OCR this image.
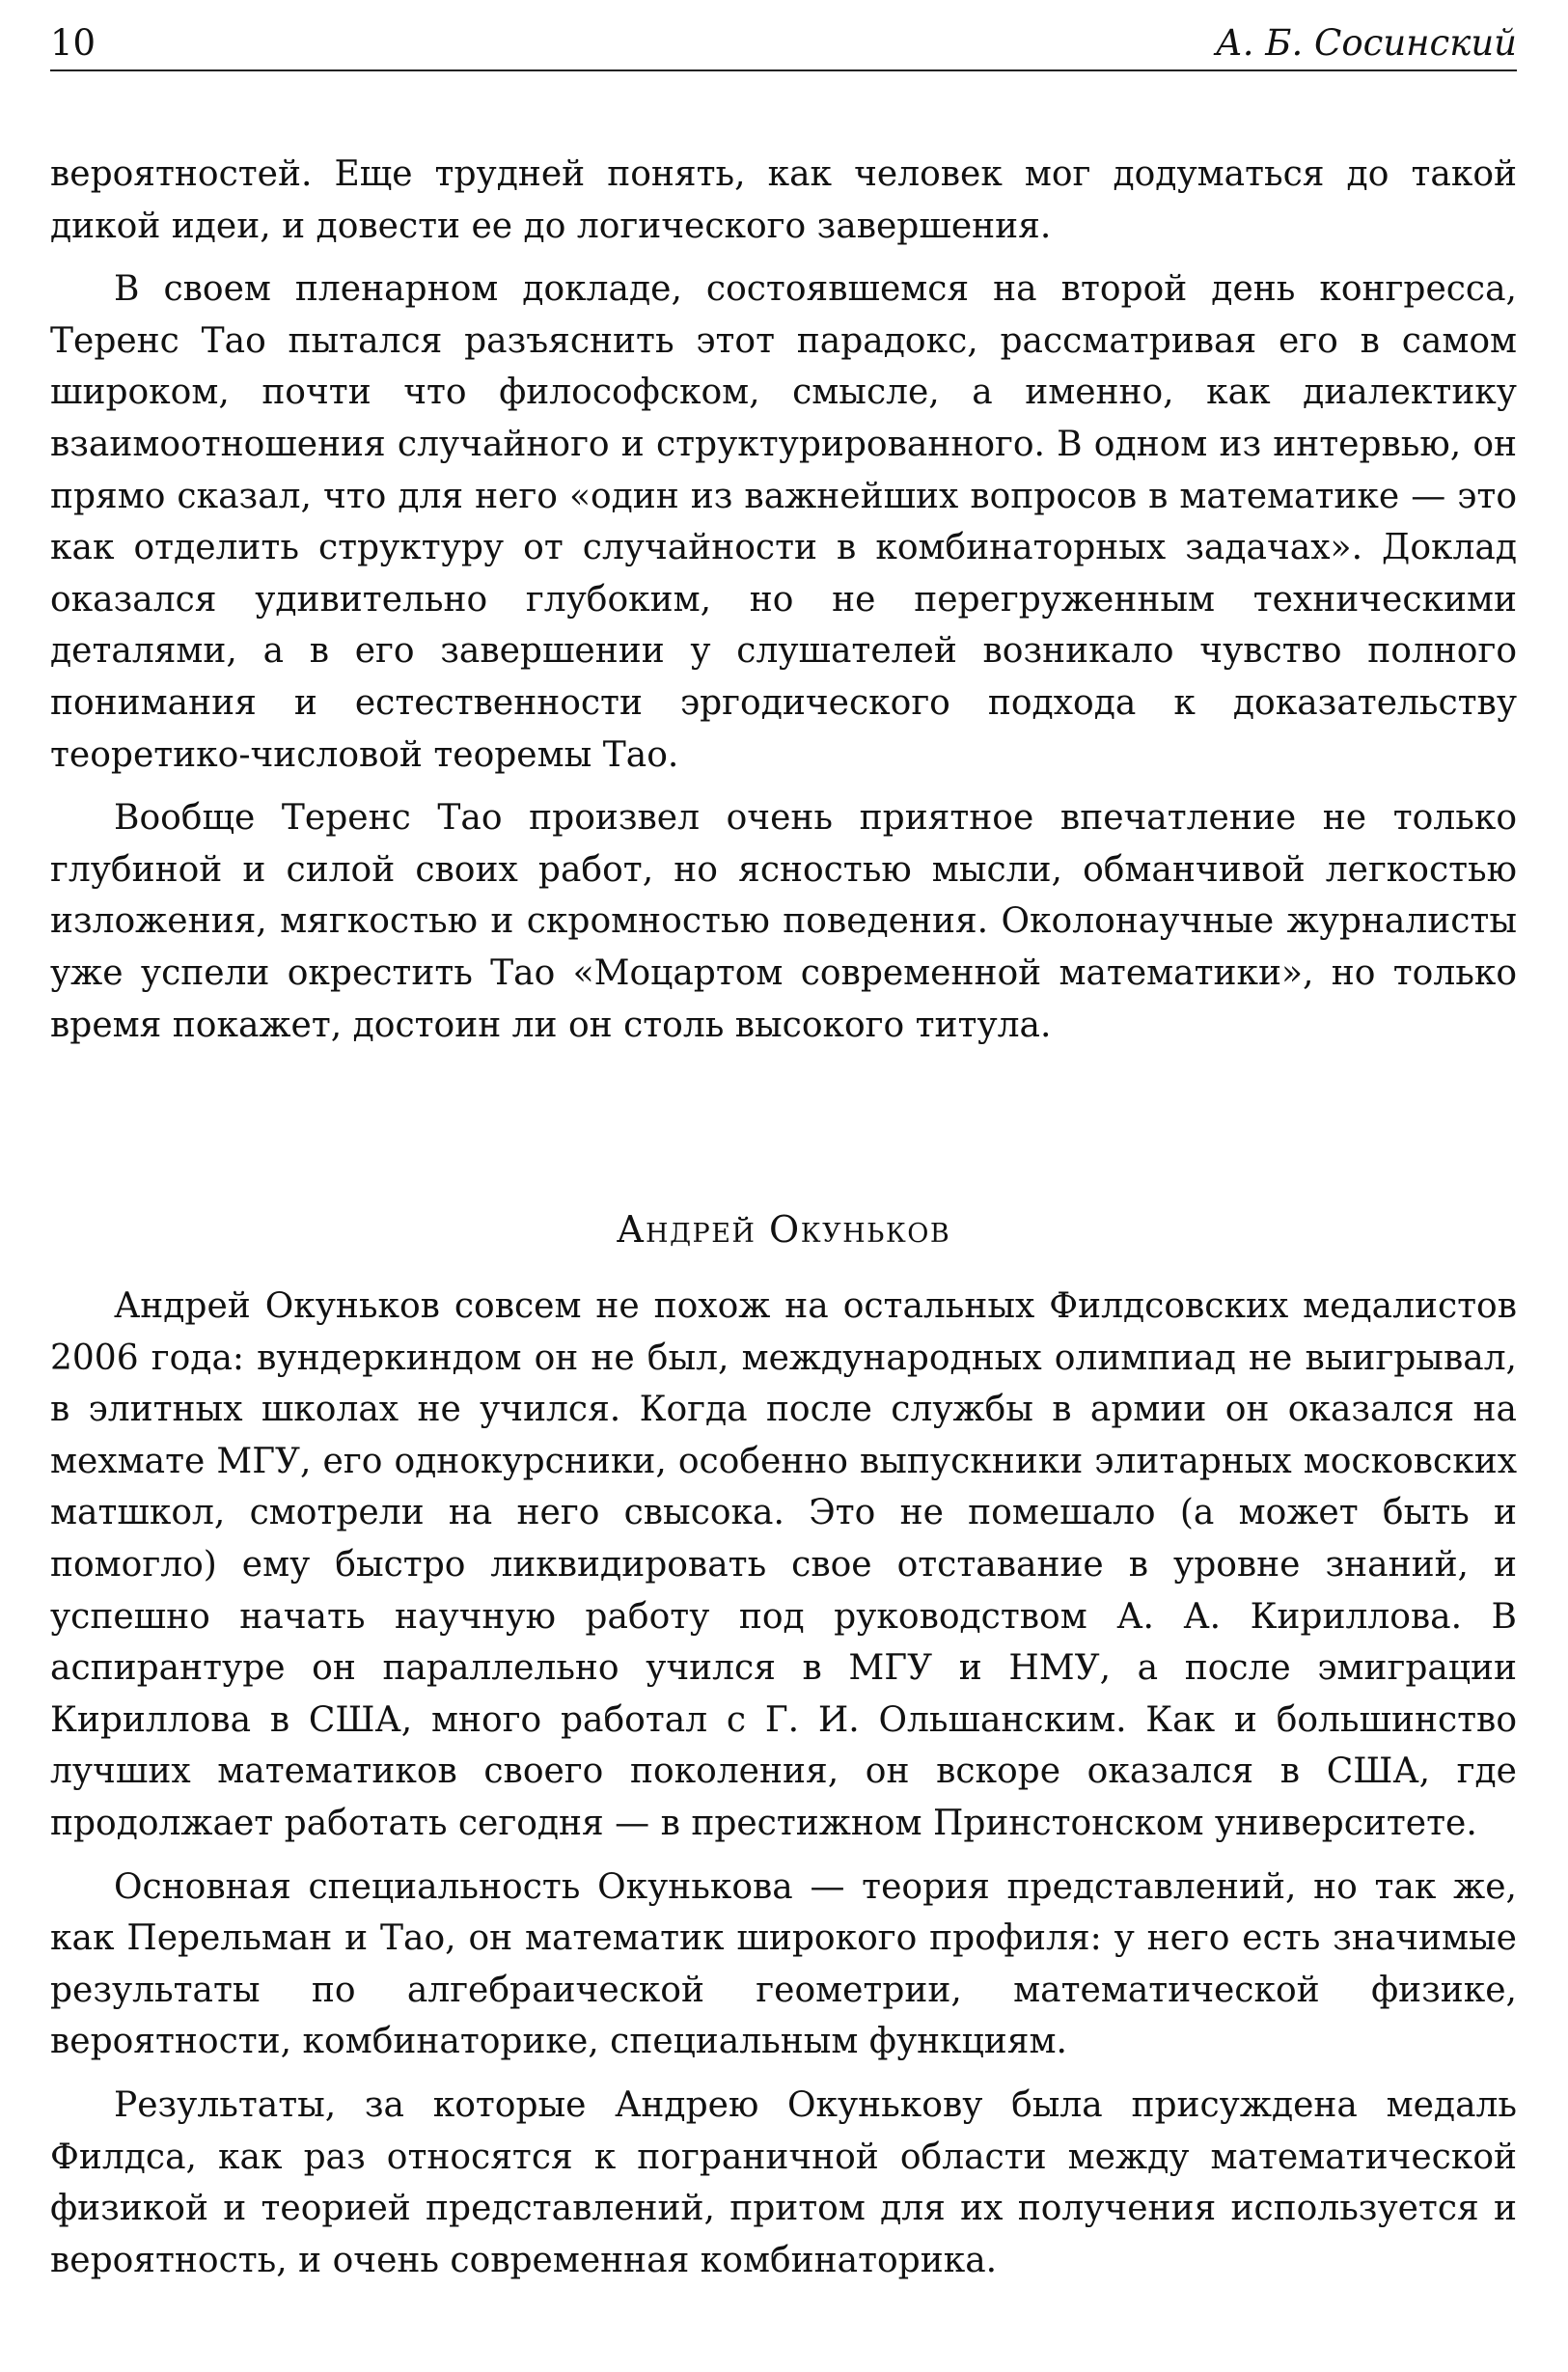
10	А. Б. Сосинский

вероятностей. Еще трудней понять, как человек мог додуматься до такой дикой идеи, и довести ее до логического завершения.

В своем пленарном докладе, состоявшемся на второй день конгресса, Теренс Тао пытался разъяснить этот парадокс, рассматривая его в самом широком, почти что философском, смысле, а именно, как диалектику взаимоотношения случайного и структурированного. В одном из интервью, он прямо сказал, что для него «один из важнейших вопросов в математике — это как отделить структуру от случайности в комбинаторных задачах». Доклад оказался удивительно глубоким, но не перегруженным техническими деталями, а в его завершении у слушателей возникало чувство полного понимания и естественности эргодического подхода к доказательству теоретико-числовой теоремы Тао.

Вообще Теренс Тао произвел очень приятное впечатление не только глубиной и силой своих работ, но ясностью мысли, обманчивой легкостью изложения, мягкостью и скромностью поведения. Околонаучные журналисты уже успели окрестить Тао «Моцартом современной математики», но только время покажет, достоин ли он столь высокого титула.

Андрей Окуньков

Андрей Окуньков совсем не похож на остальных Филдсовских медалистов 2006 года: вундеркиндом он не был, международных олимпиад не выигрывал, в элитных школах не учился. Когда после службы в армии он оказался на мехмате МГУ, его однокурсники, особенно выпускники элитарных московских матшкол, смотрели на него свысока. Это не помешало (а может быть и помогло) ему быстро ликвидировать свое отставание в уровне знаний, и успешно начать научную работу под руководством А. А. Кириллова. В аспирантуре он параллельно учился в МГУ и НМУ, а после эмиграции Кириллова в США, много работал с Г. И. Ольшанским. Как и большинство лучших математиков своего поколения, он вскоре оказался в США, где продолжает работать сегодня — в престижном Принстонском университете.

Основная специальность Окунькова — теория представлений, но так же, как Перельман и Тао, он математик широкого профиля: у него есть значимые результаты по алгебраической геометрии, математической физике, вероятности, комбинаторике, специальным функциям.

Результаты, за которые Андрею Окунькову была присуждена медаль Филдса, как раз относятся к пограничной области между математической физикой и теорией представлений, притом для их получения используется и вероятность, и очень современная комбинаторика.
